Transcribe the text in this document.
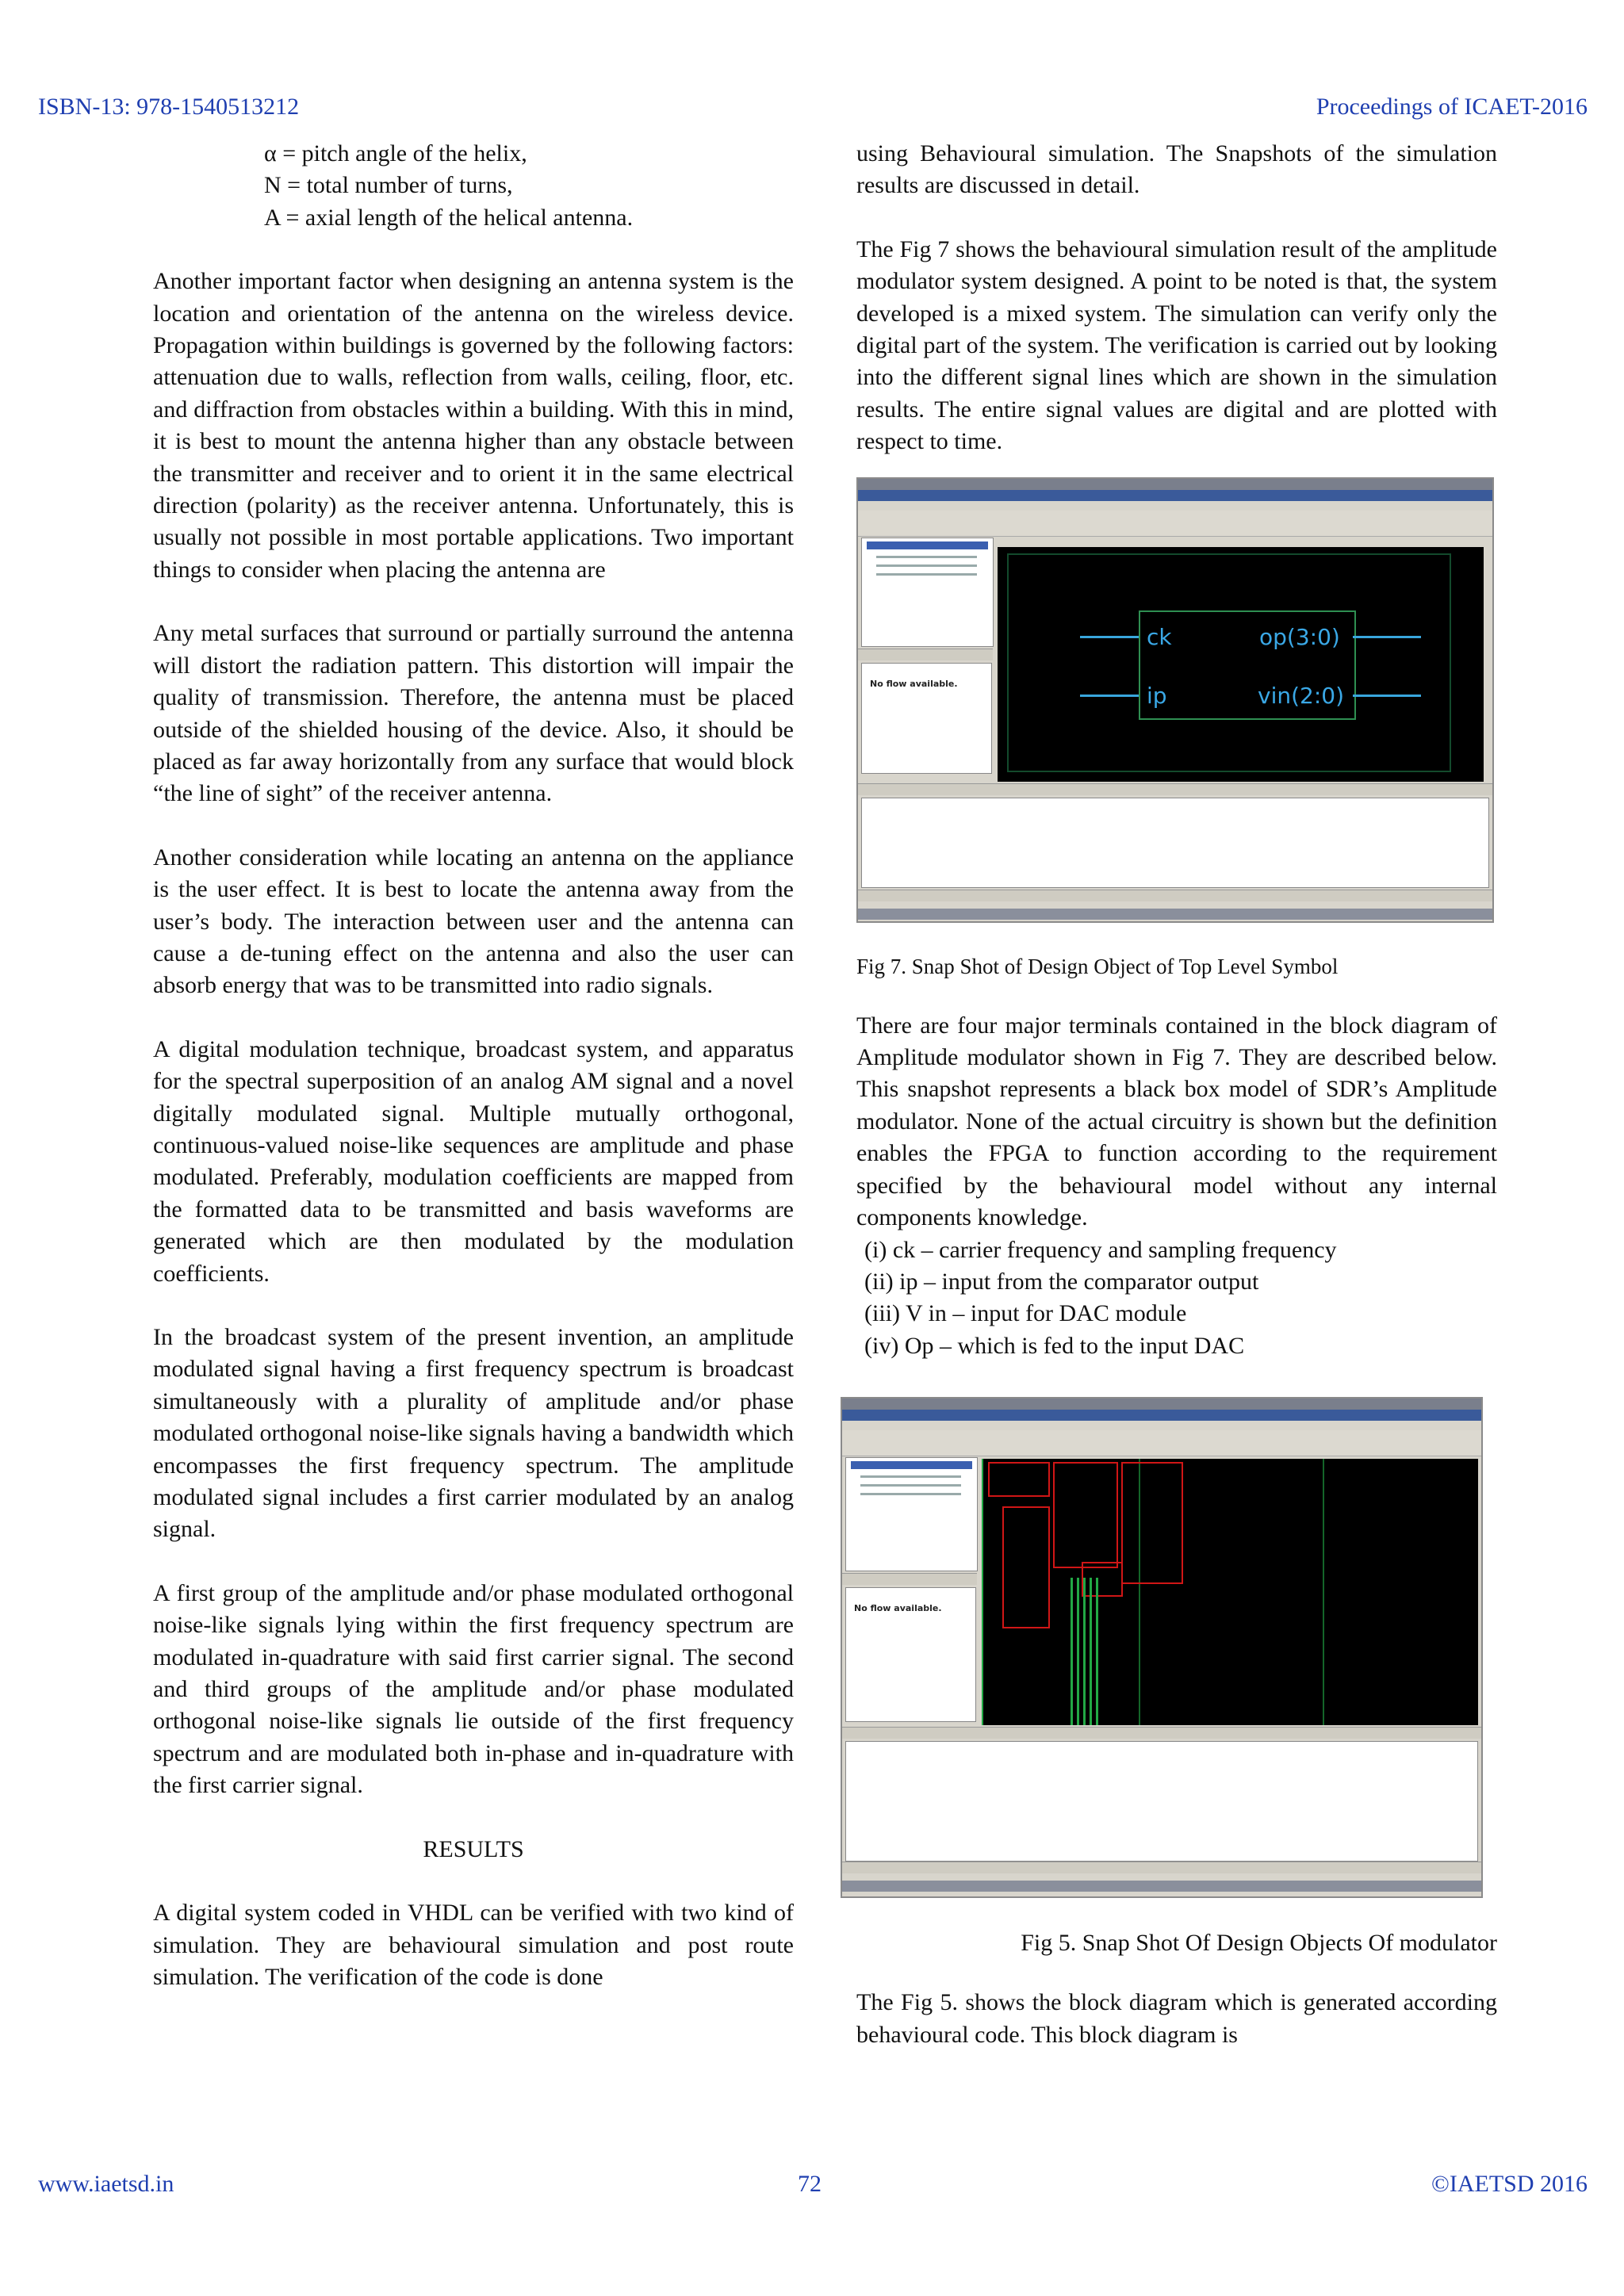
ISBN-13: 978-1540513212	Proceedings of ICAET-2016
α = pitch angle of the helix,
N = total number of turns,
A = axial length of the helical antenna.

Another important factor when designing an antenna system is the location and orientation of the antenna on the wireless device. Propagation within buildings is governed by the following factors: attenuation due to walls, reflection from walls, ceiling, floor, etc. and diffraction from obstacles within a building. With this in mind, it is best to mount the antenna higher than any obstacle between the transmitter and receiver and to orient it in the same electrical direction (polarity) as the receiver antenna. Unfortunately, this is usually not possible in most portable applications. Two important things to consider when placing the antenna are

Any metal surfaces that surround or partially surround the antenna will distort the radiation pattern. This distortion will impair the quality of transmission. Therefore, the antenna must be placed outside of the shielded housing of the device. Also, it should be placed as far away horizontally from any surface that would block “the line of sight” of the receiver antenna.

Another consideration while locating an antenna on the appliance is the user effect. It is best to locate the antenna away from the user’s body. The interaction between user and the antenna can cause a de-tuning effect on the antenna and also the user can absorb energy that was to be transmitted into radio signals.

A digital modulation technique, broadcast system, and apparatus for the spectral superposition of an analog AM signal and a novel digitally modulated signal. Multiple mutually orthogonal, continuous-valued noise-like sequences are amplitude and phase modulated. Preferably, modulation coefficients are mapped from the formatted data to be transmitted and basis waveforms are generated which are then modulated by the modulation coefficients.

In the broadcast system of the present invention, an amplitude modulated signal having a first frequency spectrum is broadcast simultaneously with a plurality of amplitude and/or phase modulated orthogonal noise-like signals having a bandwidth which encompasses the first frequency spectrum. The amplitude modulated signal includes a first carrier modulated by an analog signal.

A first group of the amplitude and/or phase modulated orthogonal noise-like signals lying within the first frequency spectrum are modulated in-quadrature with said first carrier signal. The second and third groups of the amplitude and/or phase modulated orthogonal noise-like signals lie outside of the first frequency spectrum and are modulated both in-phase and in-quadrature with the first carrier signal.

RESULTS

A digital system coded in VHDL can be verified with two kind of simulation. They are behavioural simulation and post route simulation. The verification of the code is done

using Behavioural simulation. The Snapshots of the simulation results are discussed in detail.

The Fig 7 shows the behavioural simulation result of the amplitude modulator system designed. A point to be noted is that, the system developed is a mixed system. The simulation can verify only the digital part of the system. The verification is carried out by looking into the different signal lines which are shown in the simulation results. The entire signal values are digital and are plotted with respect to time.

No flow available.
ck
ip
op(3:0)
vin(2:0)
Fig 7. Snap Shot of Design Object of Top Level Symbol

There are four major terminals contained in the block diagram of Amplitude modulator shown in Fig 7. They are described below. This snapshot represents a black box model of SDR’s Amplitude modulator. None of the actual circuitry is shown but the definition enables the FPGA to function according to the requirement specified by the behavioural model without any internal components knowledge.

(i) ck – carrier frequency and sampling frequency
(ii) ip – input from the comparator output
(iii) V in – input for DAC module
(iv) Op – which is fed to the input DAC
No flow available.
Fig 5. Snap Shot Of Design Objects Of modulator

The Fig 5. shows the block diagram which is generated according behavioural code. This block diagram is

www.iaetsd.in	72	©IAETSD 2016
